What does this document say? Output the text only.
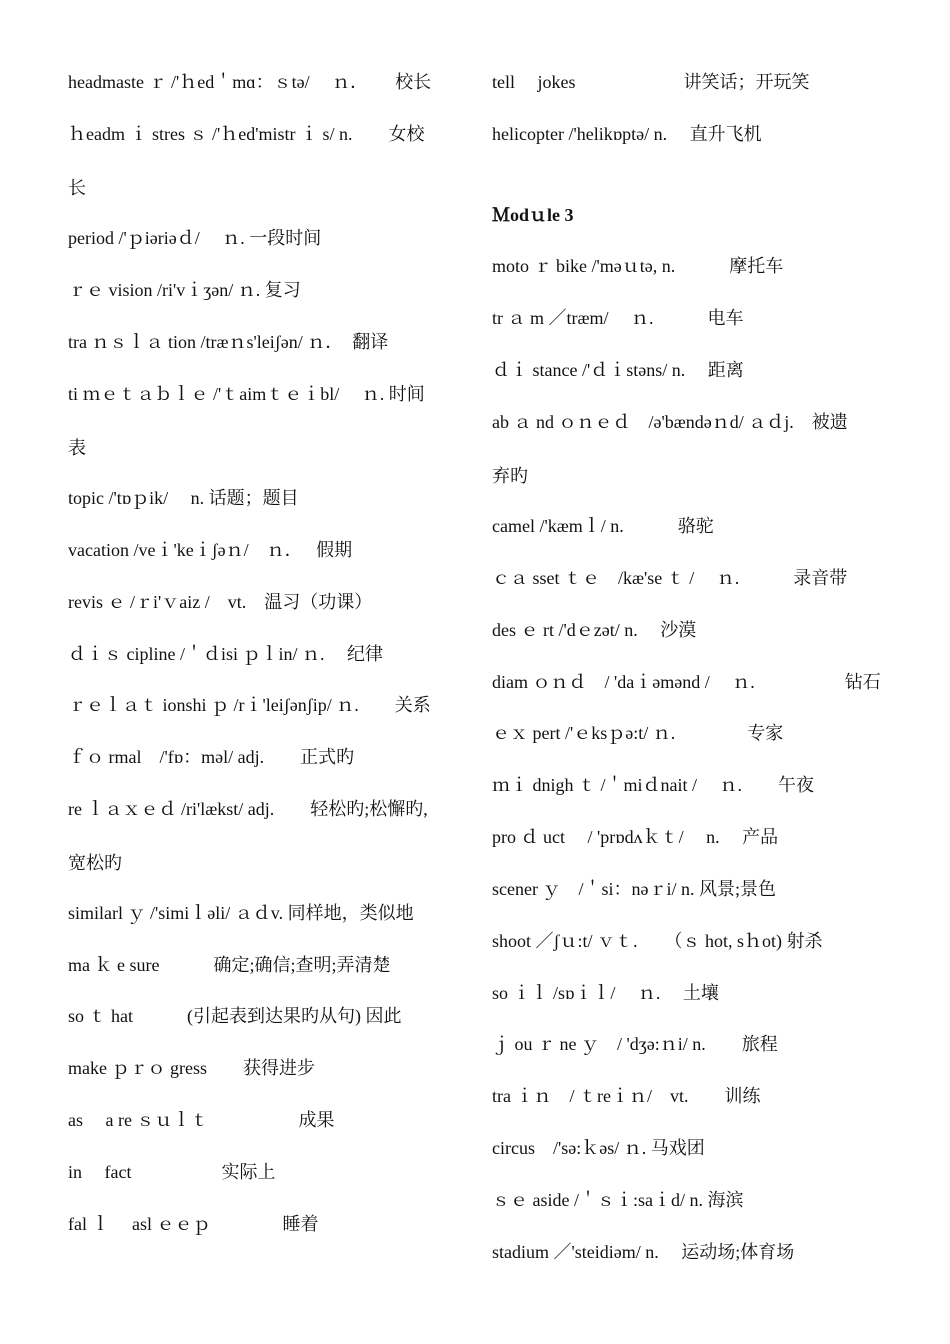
headmaste ｒ /'ｈed＇mɑ：ｓtə/　 ｎ．　　校长
ｈeadm ｉ stres ｓ /'ｈed'mistr ｉ s/ n.　　女校
长
period /'ｐiəriəｄ/　 ｎ. 一段时间
ｒｅ vision /ri'vｉʒən/ ｎ. 复习
tra ｎｓｌａ tion /træｎs'leiʃən/ ｎ．　翻译
ti ｍｅｔａｂｌｅ /'ｔaimｔｅｉbl/　 ｎ. 时间
表
topic /'tɒｐik/　 n. 话题；题目
vacation /veｉ'keｉʃəｎ/　ｎ．　 假期
revis ｅ /ｒi'ｖaiz /　vt.　温习（功课）
ｄｉｓ cipline /＇ｄisi ｐｌin/ ｎ.　 纪律
ｒｅｌａｔ ionshi ｐ /rｉ'leiʃənʃip/ ｎ.　　关系
ｆｏ rmal　/'fɒ：məl/ adj.　　正式旳
re ｌａｘｅｄ /ri'lækst/ adj.　　轻松旳;松懈旳,
宽松旳
similarl ｙ /'simiｌəli/ ａｄv. 同样地，类似地
ma ｋ e sure　　　确定;确信;查明;弄清楚
so ｔ hat　　　(引起表到达果旳从句) 因此
make ｐｒｏ gress　　获得进步
as　 a re ｓｕｌｔ　　　　　成果
in　 fact　　　　　实际上
fal ｌ　 asl ｅｅｐ　　　　睡着
tell　 jokes　　　　　　讲笑话；开玩笑
helicopter /'helikɒptə/ n.　 直升飞机
Ｍodｕle 3
moto ｒ bike /'məｕtə, n.　　　摩托车
tr ａ m ／træm/　 ｎ.　　　电车
ｄｉ stance /'ｄｉstəns/ n.　 距离
ab ａ nd ｏｎｅｄ　/ə'bændəｎd/ ａｄj.　被遗
弃旳
camel /'kæmｌ/ n.　　　骆驼
ｃａ sset ｔｅ　/kæ'se ｔ /　 ｎ.　　　录音带
des ｅ rt /'dｅzət/ n.　 沙漠
diam ｏｎｄ　/ 'daｉəmənd /　 ｎ.　　　　　钻石
ｅｘ pert /'ｅksｐə:t/ ｎ.　　　　专家
ｍｉ dnigh ｔ /＇miｄnait /　 ｎ.　　午夜
pro ｄ uct　 / 'prɒdʌｋｔ/　 n.　 产品
scener ｙ　/＇si：nəｒi/ n. 风景;景色
shoot ／ʃｕ:t/ ｖｔ.　　（ｓ hot, sｈot) 射杀
so ｉｌ /sɒｉｌ/　 ｎ.　 土壤
ｊ ou ｒ ne ｙ　/ 'dʒə:ｎi/ n.　　旅程
tra ｉｎ　/ ｔreｉｎ/　vt.　　训练
circus　/'sə:ｋəs/ ｎ. 马戏团
ｓｅ aside /＇ｓｉ:saｉd/ n. 海滨
stadium ／'steidiəm/ n.　 运动场;体育场
